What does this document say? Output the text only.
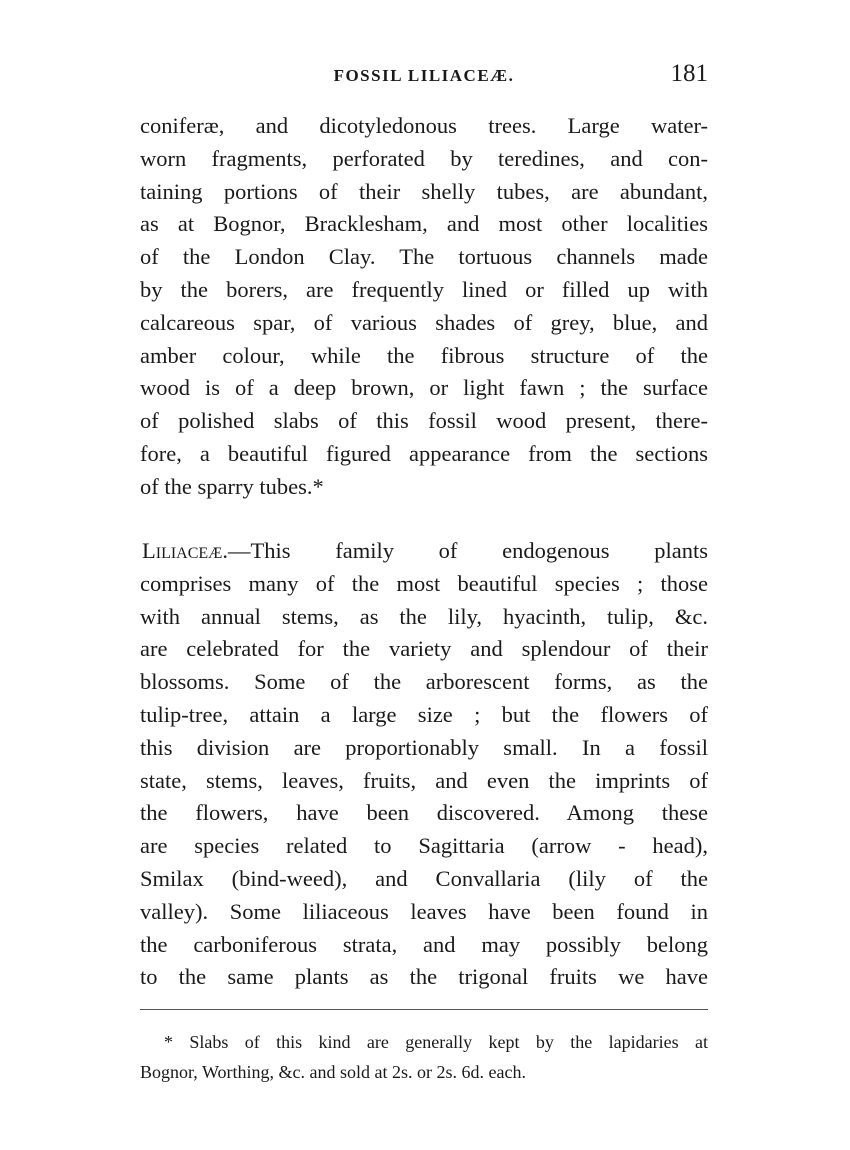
FOSSIL LILIACEÆ.	181
coniferæ, and dicotyledonous trees. Large water-
worn fragments, perforated by teredines, and con-
taining portions of their shelly tubes, are abundant,
as at Bognor, Bracklesham, and most other localities
of the London Clay. The tortuous channels made
by the borers, are frequently lined or filled up with
calcareous spar, of various shades of grey, blue, and
amber colour, while the fibrous structure of the
wood is of a deep brown, or light fawn ; the surface
of polished slabs of this fossil wood present, there-
fore, a beautiful figured appearance from the sections
of the sparry tubes.*
Liliaceæ.—This family of endogenous plants
comprises many of the most beautiful species ; those
with annual stems, as the lily, hyacinth, tulip, &c.
are celebrated for the variety and splendour of their
blossoms. Some of the arborescent forms, as the
tulip-tree, attain a large size ; but the flowers of
this division are proportionably small. In a fossil
state, stems, leaves, fruits, and even the imprints of
the flowers, have been discovered. Among these
are species related to Sagittaria (arrow - head),
Smilax (bind-weed), and Convallaria (lily of the
valley). Some liliaceous leaves have been found in
the carboniferous strata, and may possibly belong
to the same plants as the trigonal fruits we have
* Slabs of this kind are generally kept by the lapidaries at
Bognor, Worthing, &c. and sold at 2s. or 2s. 6d. each.
